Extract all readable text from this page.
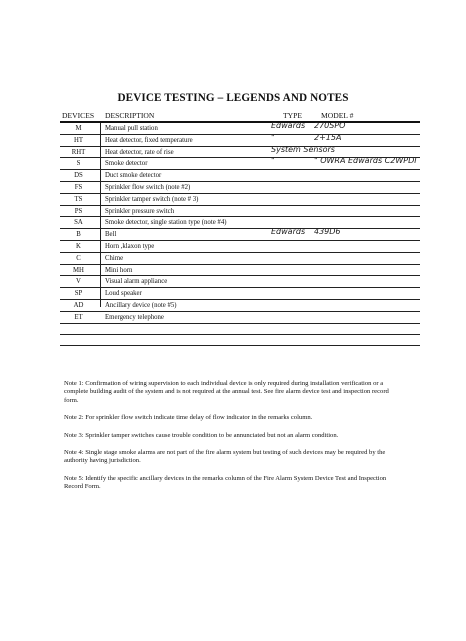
DEVICE TESTING – LEGENDS AND NOTES
DEVICES DESCRIPTION	TYPE	MODEL #
M	Manual pull station	Edwards 270SPO
HT	Heat detector, fixed temperature	"	2+15A
RHT	Heat detector, rate of rise	System Sensors
S	Smoke detector	"	" OWRA Edwards C2WPDI
DS	Duct smoke detector
FS	Sprinkler flow switch (note #2)
TS	Sprinkler tamper switch (note # 3)
PS	Sprinkler pressure switch
SA	Smoke detector, single station type (note #4)
B	Bell	Edwards 439D6
K	Horn ,klaxon type
C	Chime
MH	Mini horn
V	Visual alarm appliance
SP	Loud speaker
AD	Ancillary device (note #5)
ET	Emergency telephone

Note 1: Confirmation of wiring supervision to each individual device is only required during installation verification or a complete building audit of the system and is not required at the annual test. See fire alarm device test and inspection record form.

Note 2: For sprinkler flow switch indicate time delay of flow indicator in the remarks column.

Note 3: Sprinkler tamper switches cause trouble condition to be annunciated but not an alarm condition.

Note 4: Single stage smoke alarms are not part of the fire alarm system but testing of such devices may be required by the authority having jurisdiction.

Note 5: Identify the specific ancillary devices in the remarks column of the Fire Alarm System Device Test and Inspection Record Form.
